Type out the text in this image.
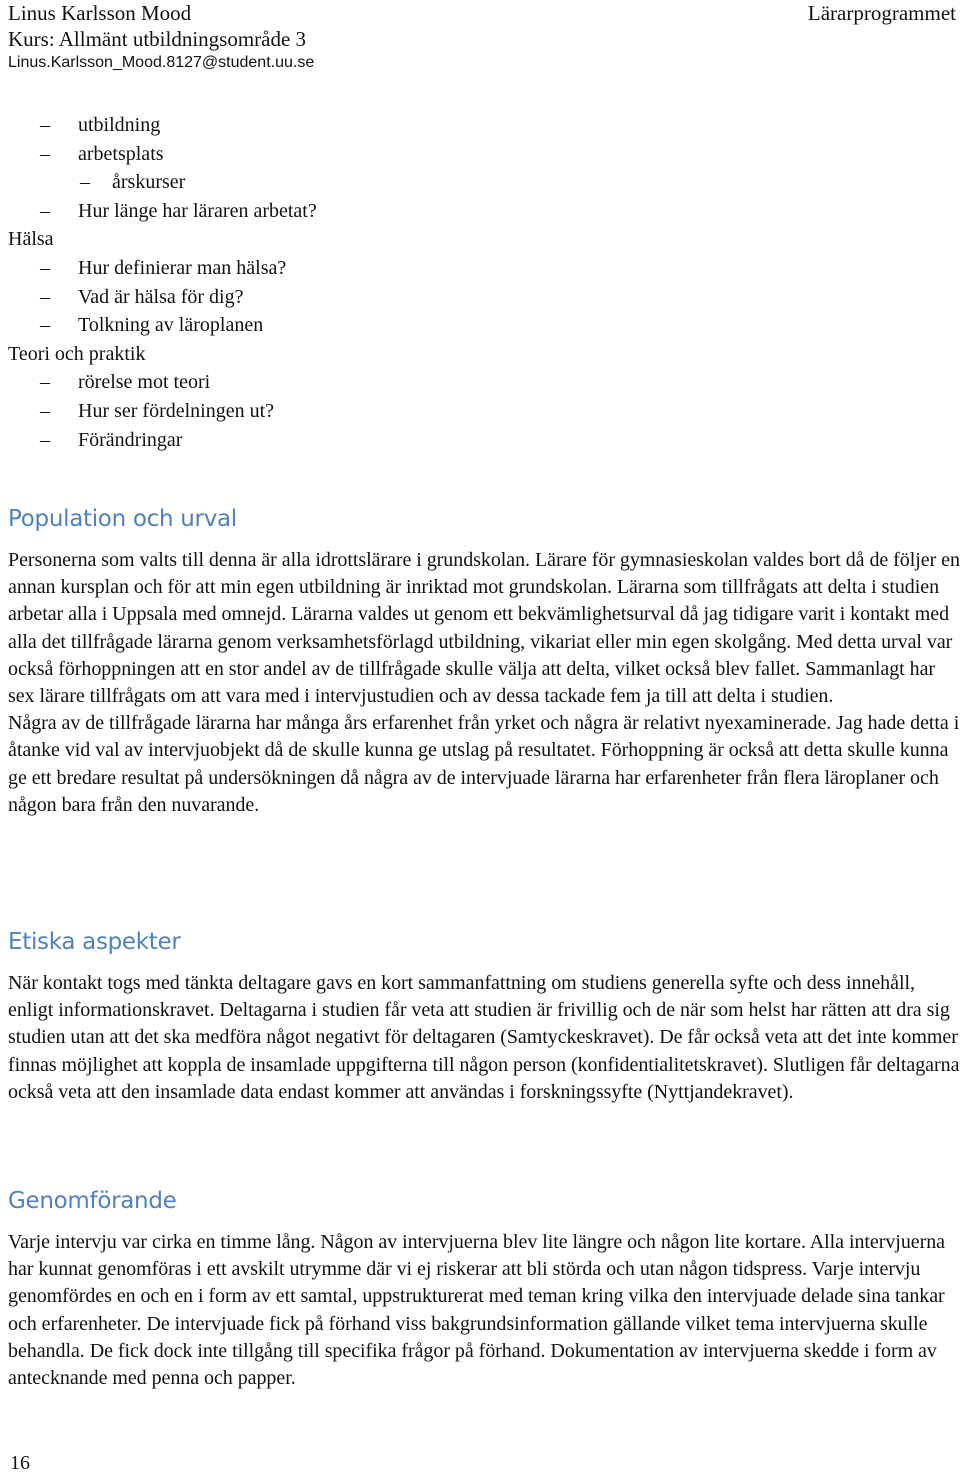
Linus Karlsson Mood
Kurs: Allmänt utbildningsområde 3
Linus.Karlsson_Mood.8127@student.uu.se
Lärarprogrammet
– utbildning
– arbetsplats
– årskurser
– Hur länge har läraren arbetat?
Hälsa
– Hur definierar man hälsa?
– Vad är hälsa för dig?
– Tolkning av läroplanen
Teori och praktik
– rörelse mot teori
– Hur ser fördelningen ut?
– Förändringar
Population och urval

Personerna som valts till denna är alla idrottslärare i grundskolan. Lärare för gymnasieskolan valdes bort då de följer en annan kursplan och för att min egen utbildning är inriktad mot grundskolan. Lärarna som tillfrågats att delta i studien arbetar alla i Uppsala med omnejd. Lärarna valdes ut genom ett bekvämlighetsurval då jag tidigare varit i kontakt med alla det tillfrågade lärarna genom verksamhetsförlagd utbildning, vikariat eller min egen skolgång. Med detta urval var också förhoppningen att en stor andel av de tillfrågade skulle välja att delta, vilket också blev fallet. Sammanlagt har sex lärare tillfrågats om att vara med i intervjustudien och av dessa tackade fem ja till att delta i studien.

Några av de tillfrågade lärarna har många års erfarenhet från yrket och några är relativt nyexaminerade. Jag hade detta i åtanke vid val av intervjuobjekt då de skulle kunna ge utslag på resultatet. Förhoppning är också att detta skulle kunna ge ett bredare resultat på undersökningen då några av de intervjuade lärarna har erfarenheter från flera läroplaner och någon bara från den nuvarande.

Etiska aspekter

När kontakt togs med tänkta deltagare gavs en kort sammanfattning om studiens generella syfte och dess innehåll, enligt informationskravet. Deltagarna i studien får veta att studien är frivillig och de när som helst har rätten att dra sig studien utan att det ska medföra något negativt för deltagaren (Samtyckeskravet). De får också veta att det inte kommer finnas möjlighet att koppla de insamlade uppgifterna till någon person (konfidentialitetskravet). Slutligen får deltagarna också veta att den insamlade data endast kommer att användas i forskningssyfte (Nyttjandekravet).

Genomförande

Varje intervju var cirka en timme lång. Någon av intervjuerna blev lite längre och någon lite kortare. Alla intervjuerna har kunnat genomföras i ett avskilt utrymme där vi ej riskerar att bli störda och utan någon tidspress. Varje intervju genomfördes en och en i form av ett samtal, uppstrukturerat med teman kring vilka den intervjuade delade sina tankar och erfarenheter. De intervjuade fick på förhand viss bakgrundsinformation gällande vilket tema intervjuerna skulle behandla. De fick dock inte tillgång till specifika frågor på förhand. Dokumentation av intervjuerna skedde i form av antecknande med penna och papper.

16
